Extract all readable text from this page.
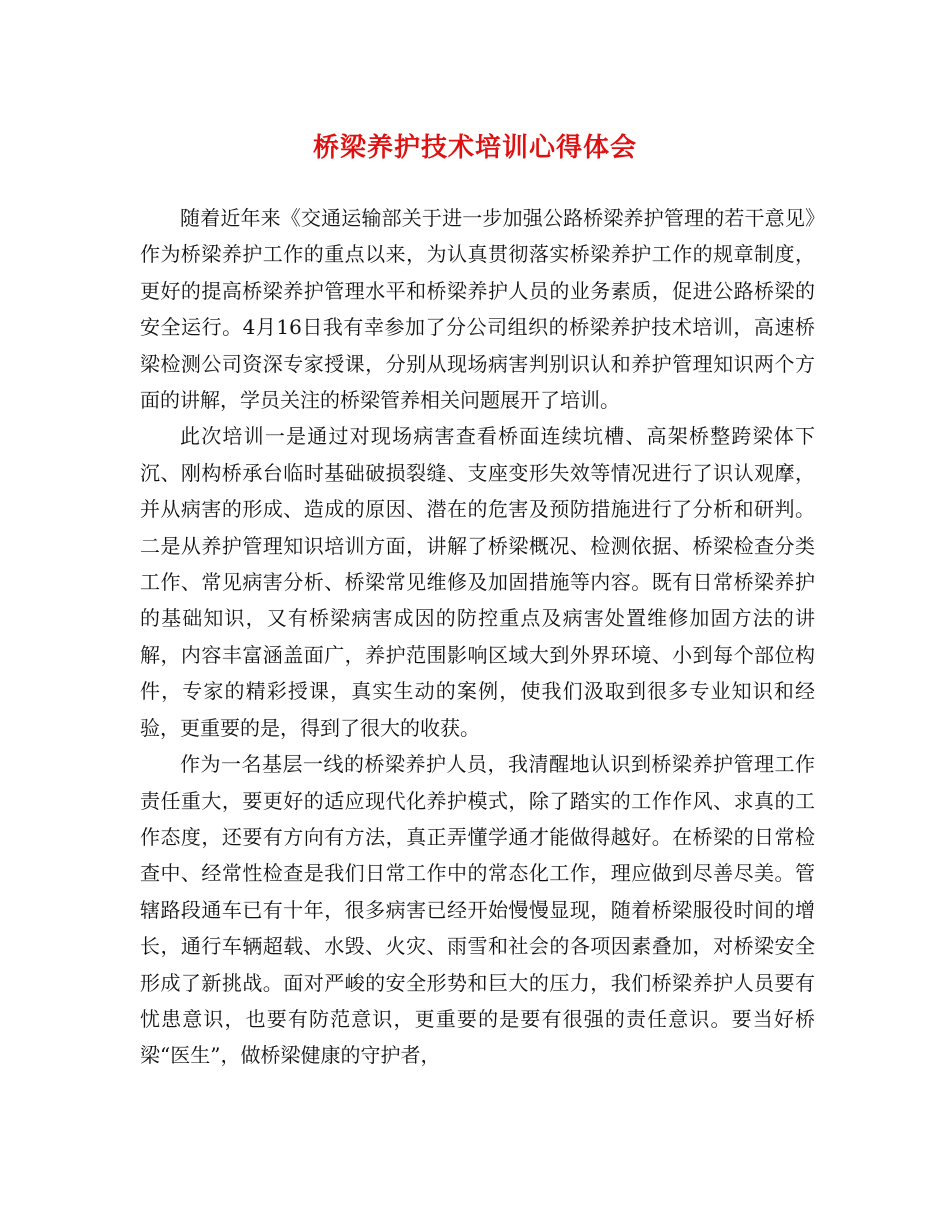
桥梁养护技术培训心得体会

随着近年来《交通运输部关于进一步加强公路桥梁养护管理的若干意见》作为桥梁养护工作的重点以来，为认真贯彻落实桥梁养护工作的规章制度，更好的提高桥梁养护管理水平和桥梁养护人员的业务素质，促进公路桥梁的安全运行。4月16日我有幸参加了分公司组织的桥梁养护技术培训，高速桥梁检测公司资深专家授课，分别从现场病害判别识认和养护管理知识两个方面的讲解，学员关注的桥梁管养相关问题展开了培训。

此次培训一是通过对现场病害查看桥面连续坑槽、高架桥整跨梁体下沉、刚构桥承台临时基础破损裂缝、支座变形失效等情况进行了识认观摩，并从病害的形成、造成的原因、潜在的危害及预防措施进行了分析和研判。二是从养护管理知识培训方面，讲解了桥梁概况、检测依据、桥梁检查分类工作、常见病害分析、桥梁常见维修及加固措施等内容。既有日常桥梁养护的基础知识，又有桥梁病害成因的防控重点及病害处置维修加固方法的讲解，内容丰富涵盖面广，养护范围影响区域大到外界环境、小到每个部位构件，专家的精彩授课，真实生动的案例，使我们汲取到很多专业知识和经验，更重要的是，得到了很大的收获。

作为一名基层一线的桥梁养护人员，我清醒地认识到桥梁养护管理工作责任重大，要更好的适应现代化养护模式，除了踏实的工作作风、求真的工作态度，还要有方向有方法，真正弄懂学通才能做得越好。在桥梁的日常检查中、经常性检查是我们日常工作中的常态化工作，理应做到尽善尽美。管辖路段通车已有十年，很多病害已经开始慢慢显现，随着桥梁服役时间的增长，通行车辆超载、水毁、火灾、雨雪和社会的各项因素叠加，对桥梁安全形成了新挑战。面对严峻的安全形势和巨大的压力，我们桥梁养护人员要有忧患意识，也要有防范意识，更重要的是要有很强的责任意识。要当好桥梁“医生”，做桥梁健康的守护者，
